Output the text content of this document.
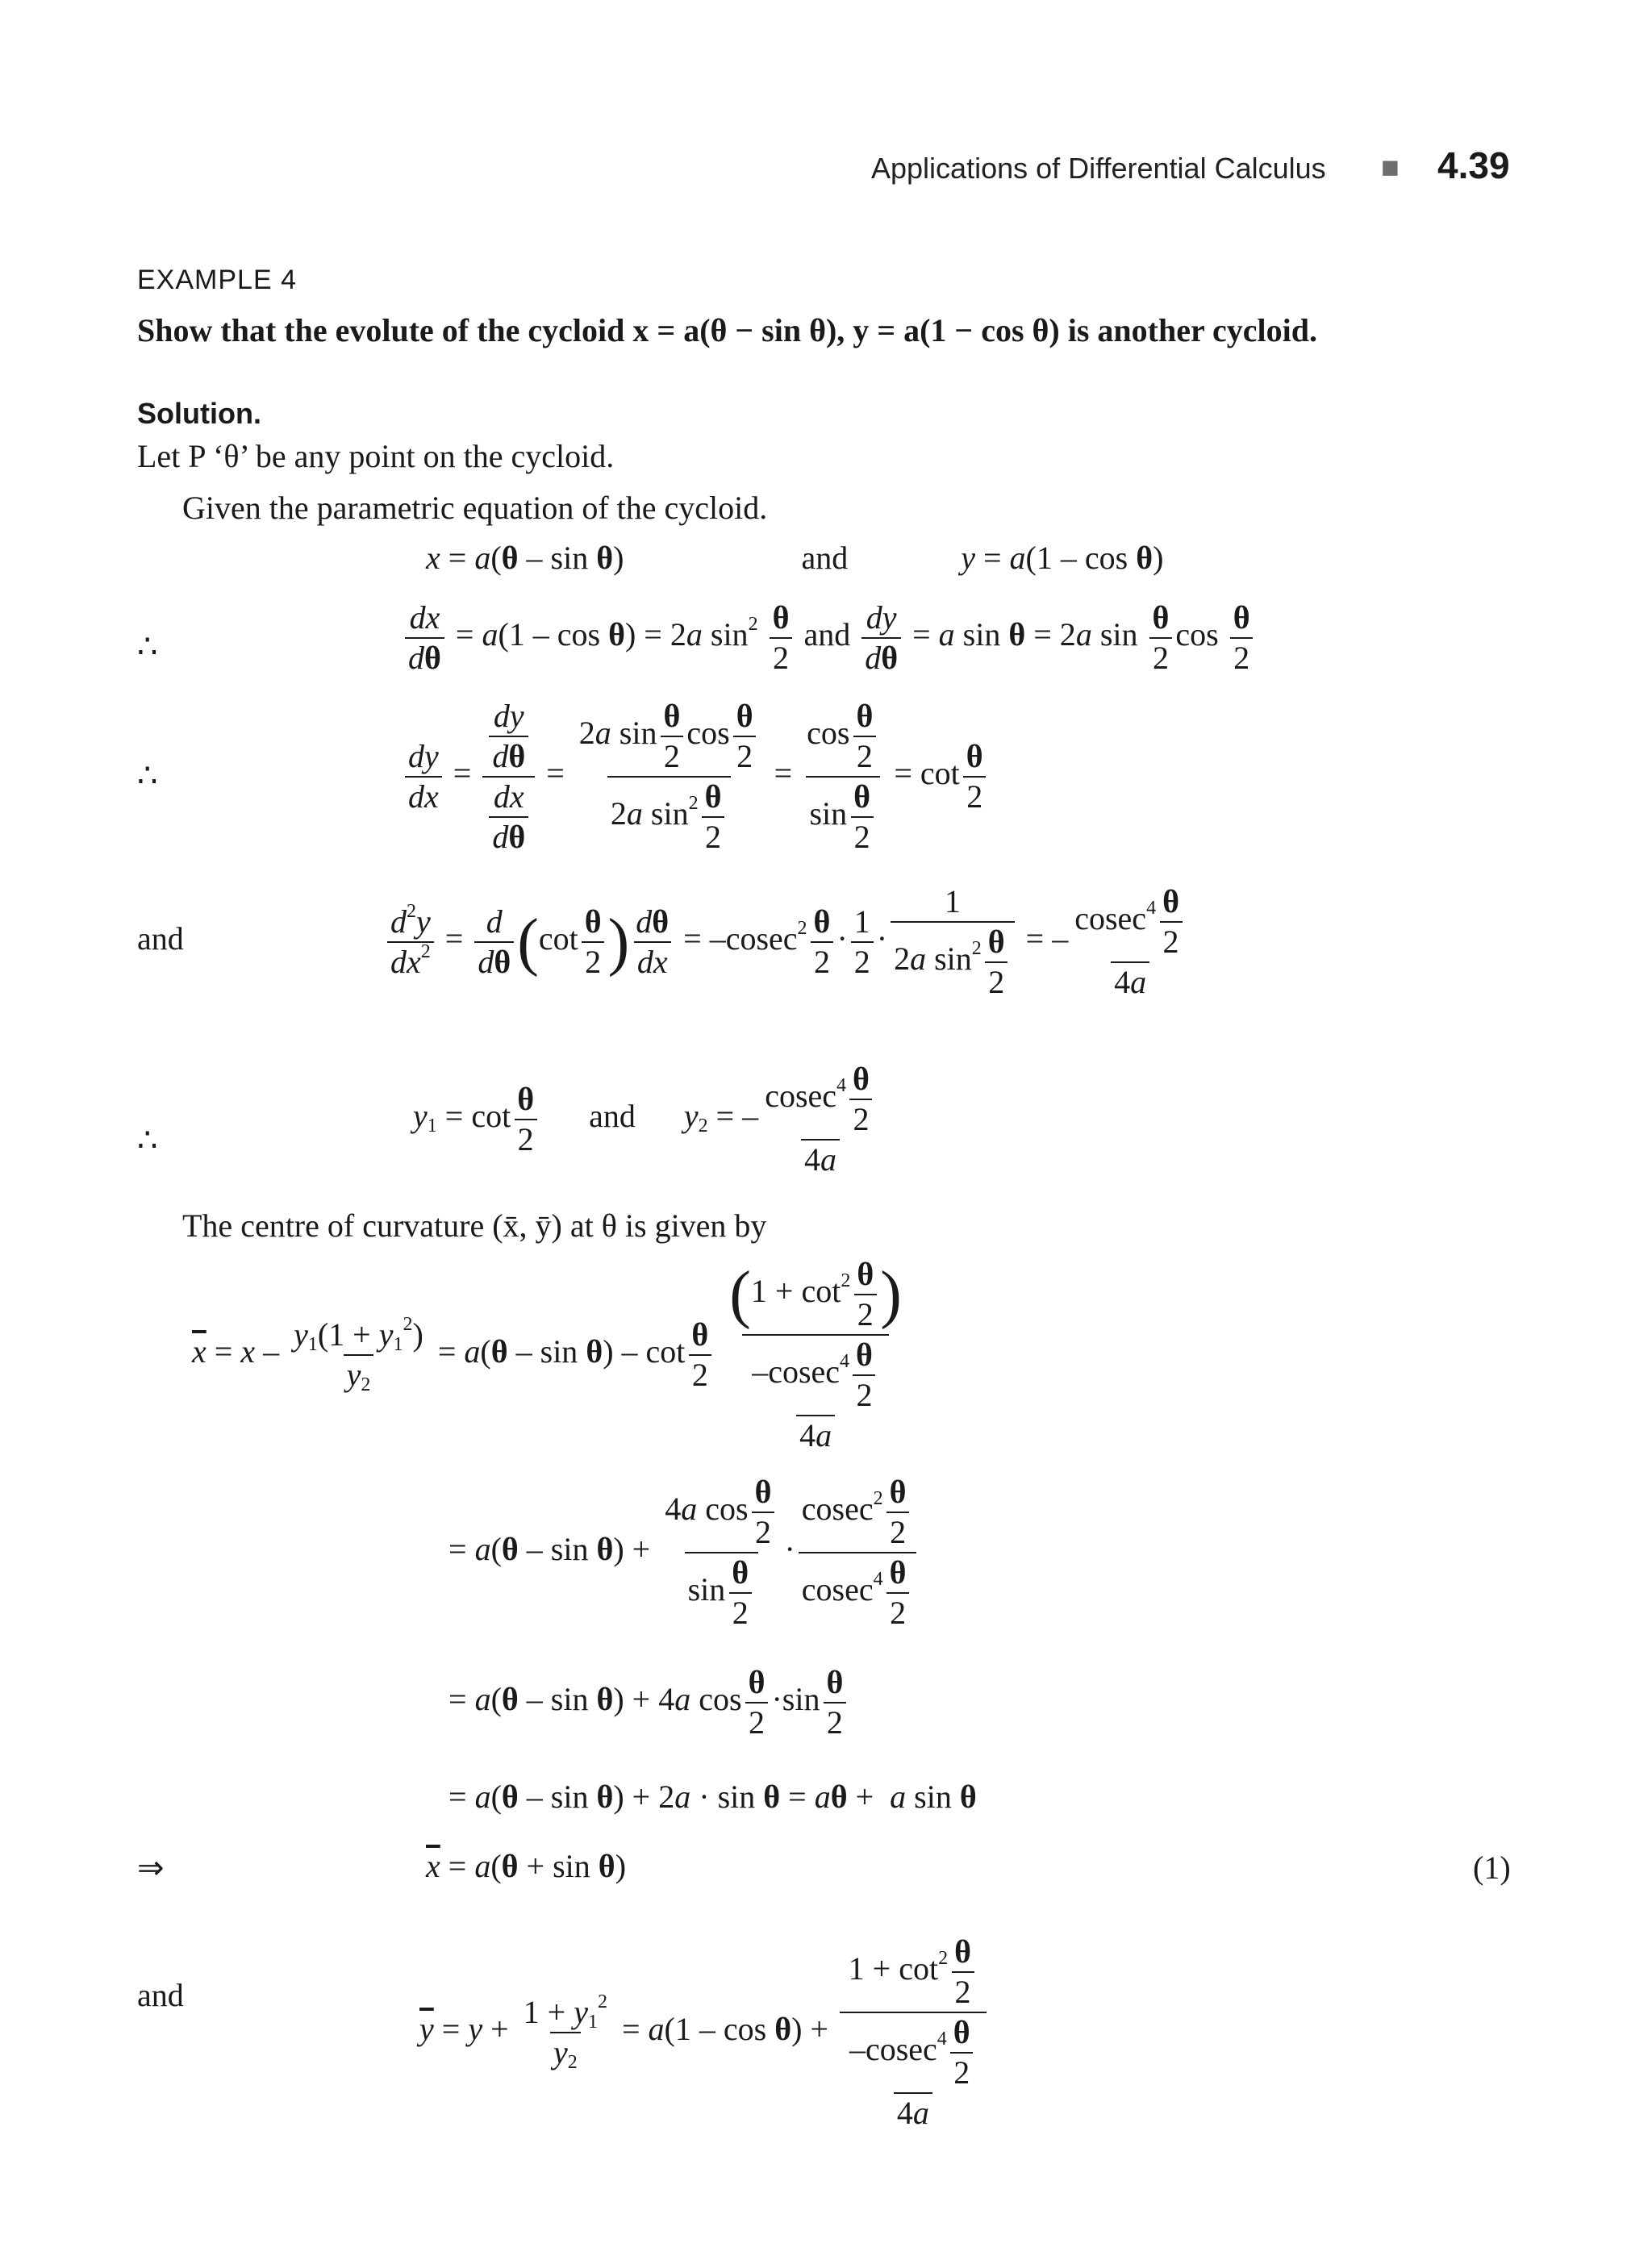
Applications of Differential Calculus ■ 4.39
EXAMPLE 4
Show that the evolute of the cycloid x = a(θ − sin θ), y = a(1 − cos θ) is another cycloid.
Solution.
Let P ‘θ’ be any point on the cycloid.
Given the parametric equation of the cycloid.
x = a(θ – sin θ)	and	y = a(1 – cos θ)
∴	$\frac{dx}{d\theta} = a(1 - \cos \theta) = 2a$ $\sin^2 \frac{\theta}{2}$ and $\frac{dy}{d\theta} = a$ sin θ = 2a $\sin \frac{\theta}{2}$ $\cos \frac{\theta}{2}$
∴	$\frac{dy}{dx} = \frac{\frac{dy}{d\theta}}{\frac{dx}{d\theta}} = \frac{2a \sin \frac{\theta}{2} \cos \frac{\theta}{2}}{2a \sin^2 \frac{\theta}{2}} = \frac{\cos \frac{\theta}{2}}{\sin \frac{\theta}{2}} = \cot \frac{\theta}{2}$
and	$\frac{d^2y}{dx^2} = \frac{d}{d\theta} (\cot \frac{\theta}{2}$ ) $\frac{d\theta}{dx} = -cosec^2 \frac{\theta}{2} \cdot \frac{1}{2} \cdot \frac{1}{2a \sin^2 \frac{\theta}{2}}$ = – $\frac{cosec^4 \frac{\theta}{2}}{4a}$
∴
$y_1 = \cot \frac{\theta}{2}$ and $y_2$ = – $\frac{cosec^4 \frac{\theta}{2}}{4a}$
The centre of curvature (x̄, ȳ) at θ is given by
$\overline{x} = x - \frac{y_1(1 + y_1^2)}{y_2} = a(\theta - \sin \theta) - \cot \frac{\theta}{2}$
$\frac{(1 + \cot^2 \frac{\theta}{2} )}{\frac{-cosec^4 \frac{\theta}{2}}{4a}}$
= $a(\theta - \sin \theta) + \frac{4a \cos \frac{\theta}{2}}{\sin \frac{\theta}{2}} \cdot \frac{cosec^2 \frac{\theta}{2}}{cosec^4 \frac{\theta}{2}}$
= a(θ – sin θ) + 4a $\cos \frac{\theta}{2} \cdot\sin \frac{\theta}{2}$
= a(θ – sin θ) + 2a · sin θ = aθ +  a sin θ
⇒	$\overline{x} = a(\theta + \sin \theta)$	(1)
and
$\overline{y} = y + \frac{1 + y_1^2}{y_2} = a(1 - \cos \theta) + \frac{1 + \cot^2 \frac{\theta}{2}}{\frac{-cosec^4 \frac{\theta}{2}}{4a}}$
